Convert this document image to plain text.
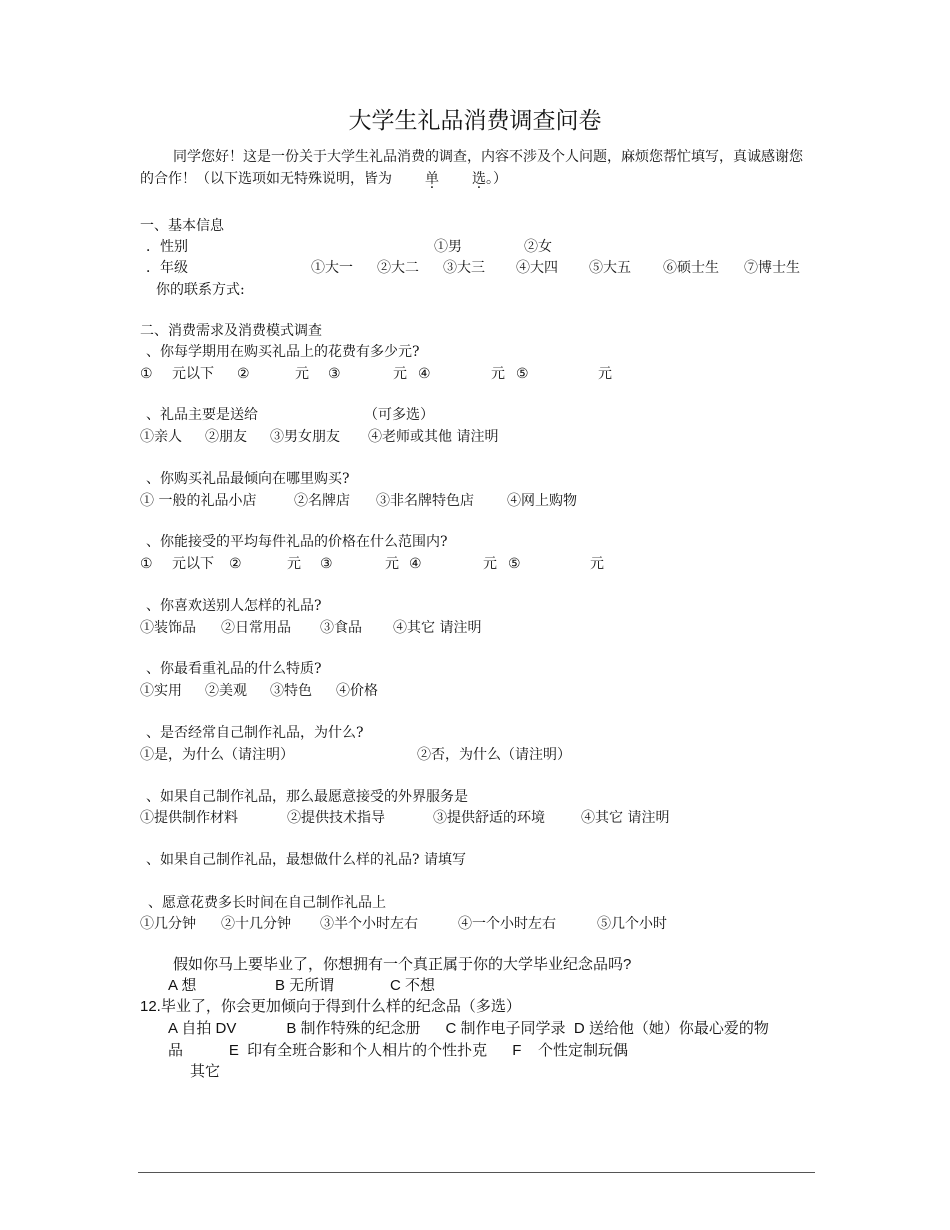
大学生礼品消费调查问卷
同学您好！这是一份关于大学生礼品消费的调查，内容不涉及个人问题，麻烦您帮忙填写，真诚感谢您的合作！（以下选项如无特殊说明，皆为 单 选。）
一、基本信息
．性别	①男	②女
．年级	①大一 ②大二 ③大三 ④大四 ⑤大五 ⑥硕士生 ⑦博士生
你的联系方式:
二、消费需求及消费模式调查
、你每学期用在购买礼品上的花费有多少元?
① 元以下 ②	元 ③	元 ④	元 ⑤	元
、礼品主要是送给	（可多选）
①亲人 ②朋友 ③男女朋友 ④老师或其他 请注明
、你购买礼品最倾向在哪里购买?
① 一般的礼品小店	②名牌店 ③非名牌特色店 ④网上购物
、你能接受的平均每件礼品的价格在什么范围内?
① 元以下 ②	元 ③	元 ④	元 ⑤	元
、你喜欢送别人怎样的礼品?
①装饰品 ②日常用品 ③食品 ④其它 请注明
、你最看重礼品的什么特质?
①实用 ②美观 ③特色 ④价格
、是否经常自己制作礼品，为什么?
①是，为什么（请注明）	②否，为什么（请注明）
、如果自己制作礼品，那么最愿意接受的外界服务是
①提供制作材料	②提供技术指导	③提供舒适的环境	④其它 请注明
、如果自己制作礼品，最想做什么样的礼品? 请填写
、愿意花费多长时间在自己制作礼品上
①几分钟 ②十几分钟 ③半个小时左右	④一个小时左右	⑤几个小时
假如你马上要毕业了，你想拥有一个真正属于你的大学毕业纪念品吗?
A 想	B 无所谓	C 不想
12.毕业了，你会更加倾向于得到什么样的纪念品（多选）
A 自拍 DV            B 制作特殊的纪念册      C 制作电子同学录  D 送给他（她）你最心爱的物
品           E  印有全班合影和个人相片的个性扑克      F    个性定制玩偶
其它
